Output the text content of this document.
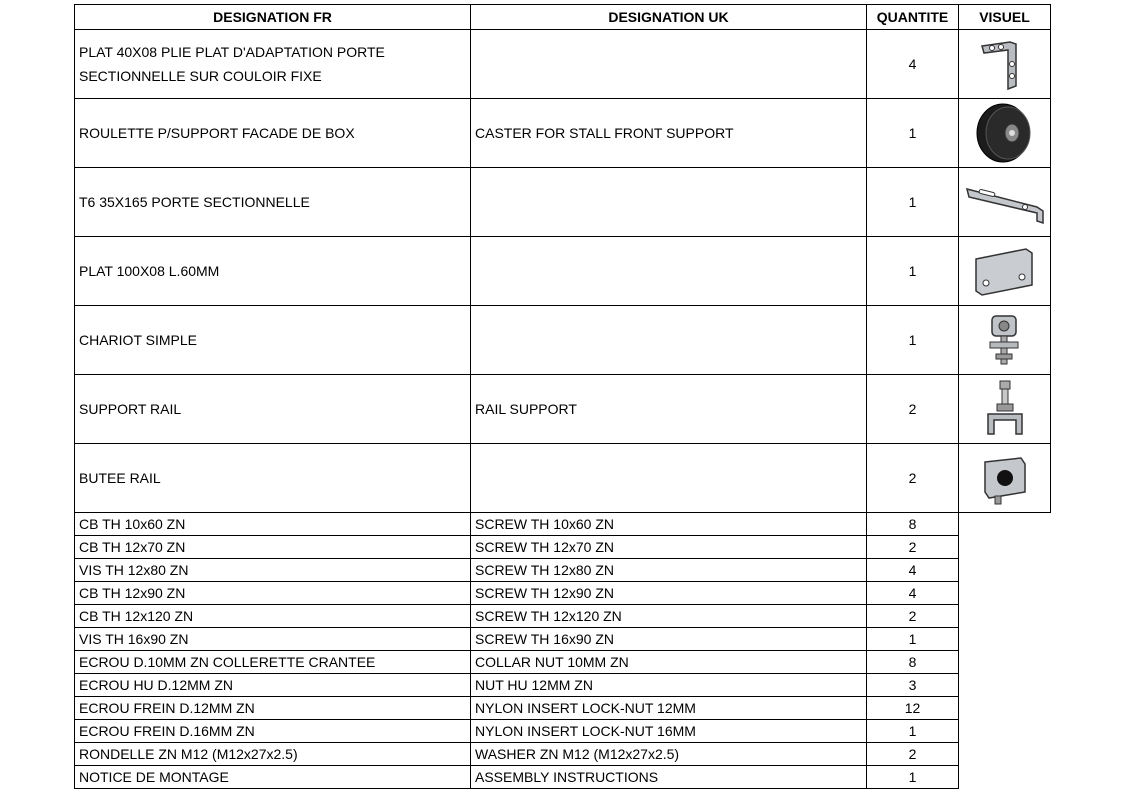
DESIGNATION FR	DESIGNATION UK	QUANTITE	VISUEL
PLAT 40X08 PLIE PLAT D'ADAPTATION PORTE SECTIONNELLE SUR COULOIR FIXE		4	

ROULETTE P/SUPPORT FACADE DE BOX	CASTER FOR STALL FRONT SUPPORT	1	

T6 35X165 PORTE SECTIONNELLE		1	

PLAT 100X08 L.60MM		1	

CHARIOT SIMPLE		1	

SUPPORT RAIL	RAIL SUPPORT	2	

BUTEE RAIL		2	

CB TH 10x60 ZN	SCREW TH 10x60 ZN	8	
CB TH 12x70 ZN	SCREW TH 12x70 ZN	2	
VIS TH 12x80 ZN	SCREW TH 12x80 ZN	4	
CB TH 12x90 ZN	SCREW TH 12x90 ZN	4	
CB TH 12x120 ZN	SCREW TH 12x120 ZN	2	
VIS TH 16x90 ZN	SCREW TH 16x90 ZN	1	
ECROU D.10MM ZN COLLERETTE CRANTEE	COLLAR NUT 10MM ZN	8	
ECROU HU D.12MM ZN	NUT HU 12MM ZN	3	
ECROU FREIN D.12MM ZN	NYLON INSERT LOCK-NUT 12MM	12	
ECROU FREIN D.16MM ZN	NYLON INSERT LOCK-NUT 16MM	1	
RONDELLE ZN M12 (M12x27x2.5)	WASHER ZN M12 (M12x27x2.5)	2	
NOTICE DE MONTAGE	ASSEMBLY INSTRUCTIONS	1	
